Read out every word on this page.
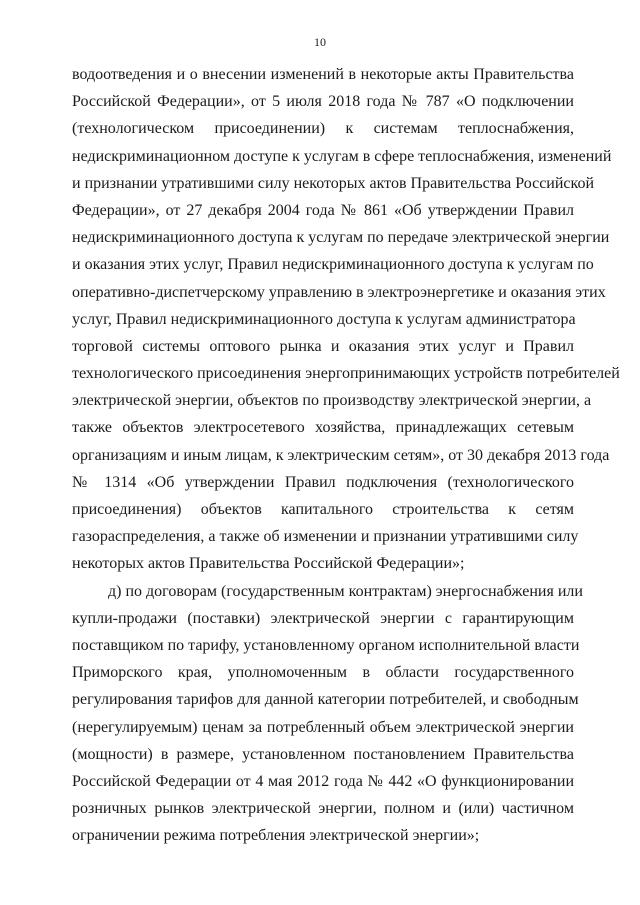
10
водоотведения и о внесении изменений в некоторые акты Правительства
Российской Федерации», от 5 июля 2018 года № 787 «О подключении
(технологическом присоединении) к системам теплоснабжения,
недискриминационном доступе к услугам в сфере теплоснабжения, изменений
и признании утратившими силу некоторых актов Правительства Российской
Федерации», от 27 декабря 2004 года № 861 «Об утверждении Правил
недискриминационного доступа к услугам по передаче электрической энергии
и оказания этих услуг, Правил недискриминационного доступа к услугам по
оперативно-диспетчерскому управлению в электроэнергетике и оказания этих
услуг, Правил недискриминационного доступа к услугам администратора
торговой системы оптового рынка и оказания этих услуг и Правил
технологического присоединения энергопринимающих устройств потребителей
электрической энергии, объектов по производству электрической энергии, а
также объектов электросетевого хозяйства, принадлежащих сетевым
организациям и иным лицам, к электрическим сетям», от 30 декабря 2013 года
№ 1314 «Об утверждении Правил подключения (технологического
присоединения) объектов капитального строительства к сетям
газораспределения, а также об изменении и признании утратившими силу
некоторых актов Правительства Российской Федерации»;
д) по договорам (государственным контрактам) энергоснабжения или
купли-продажи (поставки) электрической энергии с гарантирующим
поставщиком по тарифу, установленному органом исполнительной власти
Приморского края, уполномоченным в области государственного
регулирования тарифов для данной категории потребителей, и свободным
(нерегулируемым) ценам за потребленный объем электрической энергии
(мощности) в размере, установленном постановлением Правительства
Российской Федерации от 4 мая 2012 года № 442 «О функционировании
розничных рынков электрической энергии, полном и (или) частичном
ограничении режима потребления электрической энергии»;
